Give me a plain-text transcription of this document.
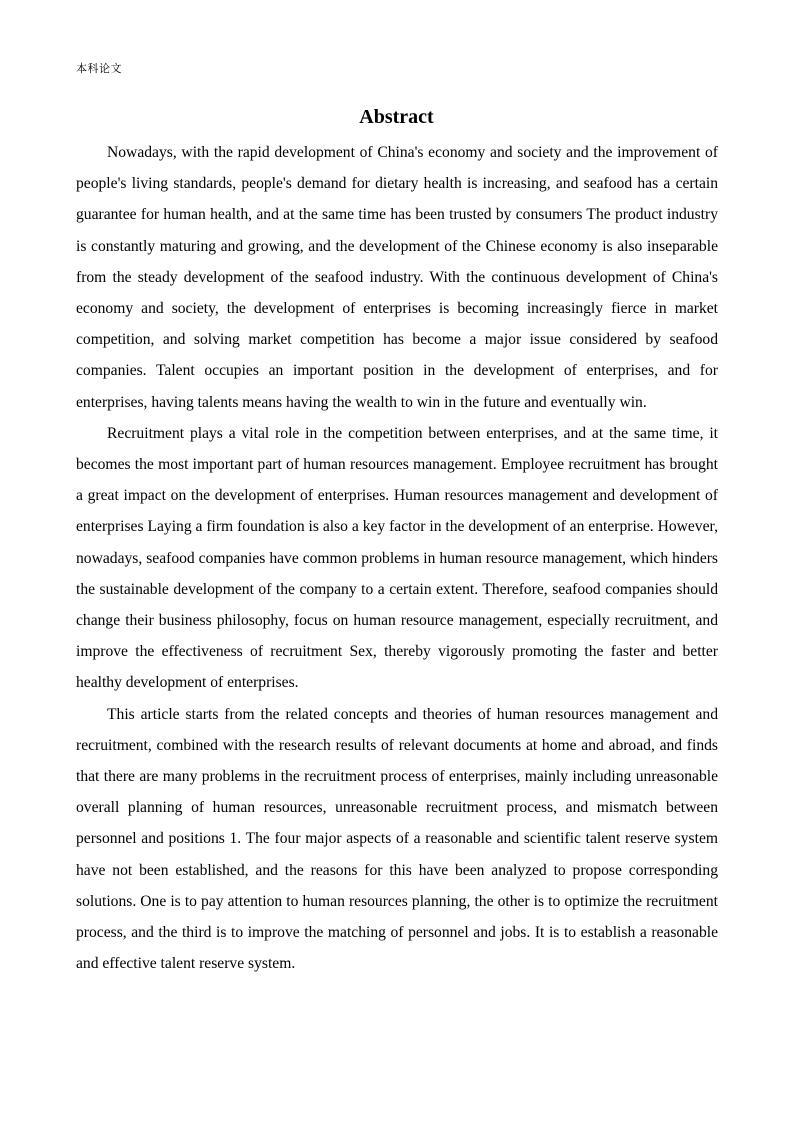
本科论文
Abstract

Nowadays, with the rapid development of China's economy and society and the improvement of people's living standards, people's demand for dietary health is increasing, and seafood has a certain guarantee for human health, and at the same time has been trusted by consumers The product industry is constantly maturing and growing, and the development of the Chinese economy is also inseparable from the steady development of the seafood industry. With the continuous development of China's economy and society, the development of enterprises is becoming increasingly fierce in market competition, and solving market competition has become a major issue considered by seafood companies. Talent occupies an important position in the development of enterprises, and for enterprises, having talents means having the wealth to win in the future and eventually win.

Recruitment plays a vital role in the competition between enterprises, and at the same time, it becomes the most important part of human resources management. Employee recruitment has brought a great impact on the development of enterprises. Human resources management and development of enterprises Laying a firm foundation is also a key factor in the development of an enterprise. However, nowadays, seafood companies have common problems in human resource management, which hinders the sustainable development of the company to a certain extent. Therefore, seafood companies should change their business philosophy, focus on human resource management, especially recruitment, and improve the effectiveness of recruitment Sex, thereby vigorously promoting the faster and better healthy development of enterprises.

This article starts from the related concepts and theories of human resources management and recruitment, combined with the research results of relevant documents at home and abroad, and finds that there are many problems in the recruitment process of enterprises, mainly including unreasonable overall planning of human resources, unreasonable recruitment process, and mismatch between personnel and positions 1. The four major aspects of a reasonable and scientific talent reserve system have not been established, and the reasons for this have been analyzed to propose corresponding solutions. One is to pay attention to human resources planning, the other is to optimize the recruitment process, and the third is to improve the matching of personnel and jobs. It is to establish a reasonable and effective talent reserve system.
